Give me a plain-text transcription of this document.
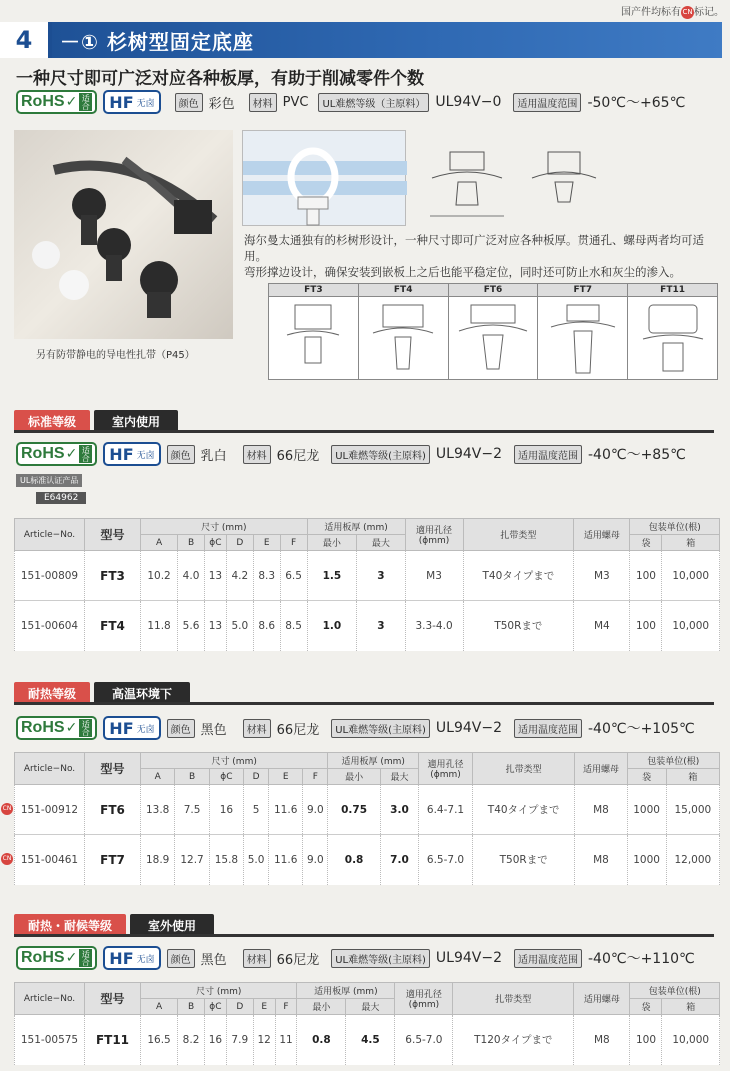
国产件均标有CN标记。
4	－① 杉树型固定底座
一种尺寸即可广泛对应各种板厚，有助于削减零件个数
RoHS ✓ 适合 HF 无卤	颜色 彩色	材料 PVC	UL难燃等级（主原料） UL94V−0	适用温度范围 -50℃～+65℃
另有防带静电的导电性扎带（P45）

海尔曼太通独有的杉树形设计，一种尺寸即可广泛对应各种板厚。贯通孔、螺母两者均可适用。

弯形撑边设计，确保安装到嵌板上之后也能平稳定位，同时还可防止水和灰尘的渗入。

FT3	FT4	FT6	FT7	FT11
标准等级	室内使用
RoHS ✓ 适合 HF 无卤	颜色 乳白	材料 66尼龙	UL难燃等级(主原料) UL94V−2	适用温度范围 -40℃～+85℃
UL标准认证产品
E64962
Article−No.	型号	尺寸 (mm)						适用板厚 (mm)		適用孔径
(ϕmm)	扎带类型	适用螺母	包装单位(根)	
		A	B	ϕC	D	E	F	最小	最大				袋	箱
151-00809	FT3	10.2	4.0	13	4.2	8.3	6.5	1.5	3	M3	T40タイプまで	M3	100	10,000
151-00604	FT4	11.8	5.6	13	5.0	8.6	8.5	1.0	3	3.3-4.0	T50Rまで	M4	100	10,000
耐热等级	高温环境下
RoHS ✓ 适合 HF 无卤	颜色 黑色	材料 66尼龙	UL难燃等级(主原料) UL94V−2	适用温度范围 -40℃～+105℃
Article−No.	型号	尺寸 (mm)						适用板厚 (mm)		適用孔径
(ϕmm)	扎带类型	适用螺母	包装单位(根)	
		A	B	ϕC	D	E	F	最小	最大				袋	箱
151-00912	FT6	13.8	7.5	16	5	11.6	9.0	0.75	3.0	6.4-7.1	T40タイプまで	M8	1000	15,000
151-00461	FT7	18.9	12.7	15.8	5.0	11.6	9.0	0.8	7.0	6.5-7.0	T50Rまで	M8	1000	12,000
耐热・耐候等级	室外使用
RoHS ✓ 适合 HF 无卤	颜色 黑色	材料 66尼龙	UL难燃等级(主原料) UL94V−2	适用温度范围 -40℃～+110℃
Article−No.	型号	尺寸 (mm)						适用板厚 (mm)		適用孔径
(ϕmm)	扎带类型	适用螺母	包装单位(根)	
		A	B	ϕC	D	E	F	最小	最大				袋	箱
151-00575	FT11	16.5	8.2	16	7.9	12	11	0.8	4.5	6.5-7.0	T120タイプまで	M8	100	10,000
CN
CN
